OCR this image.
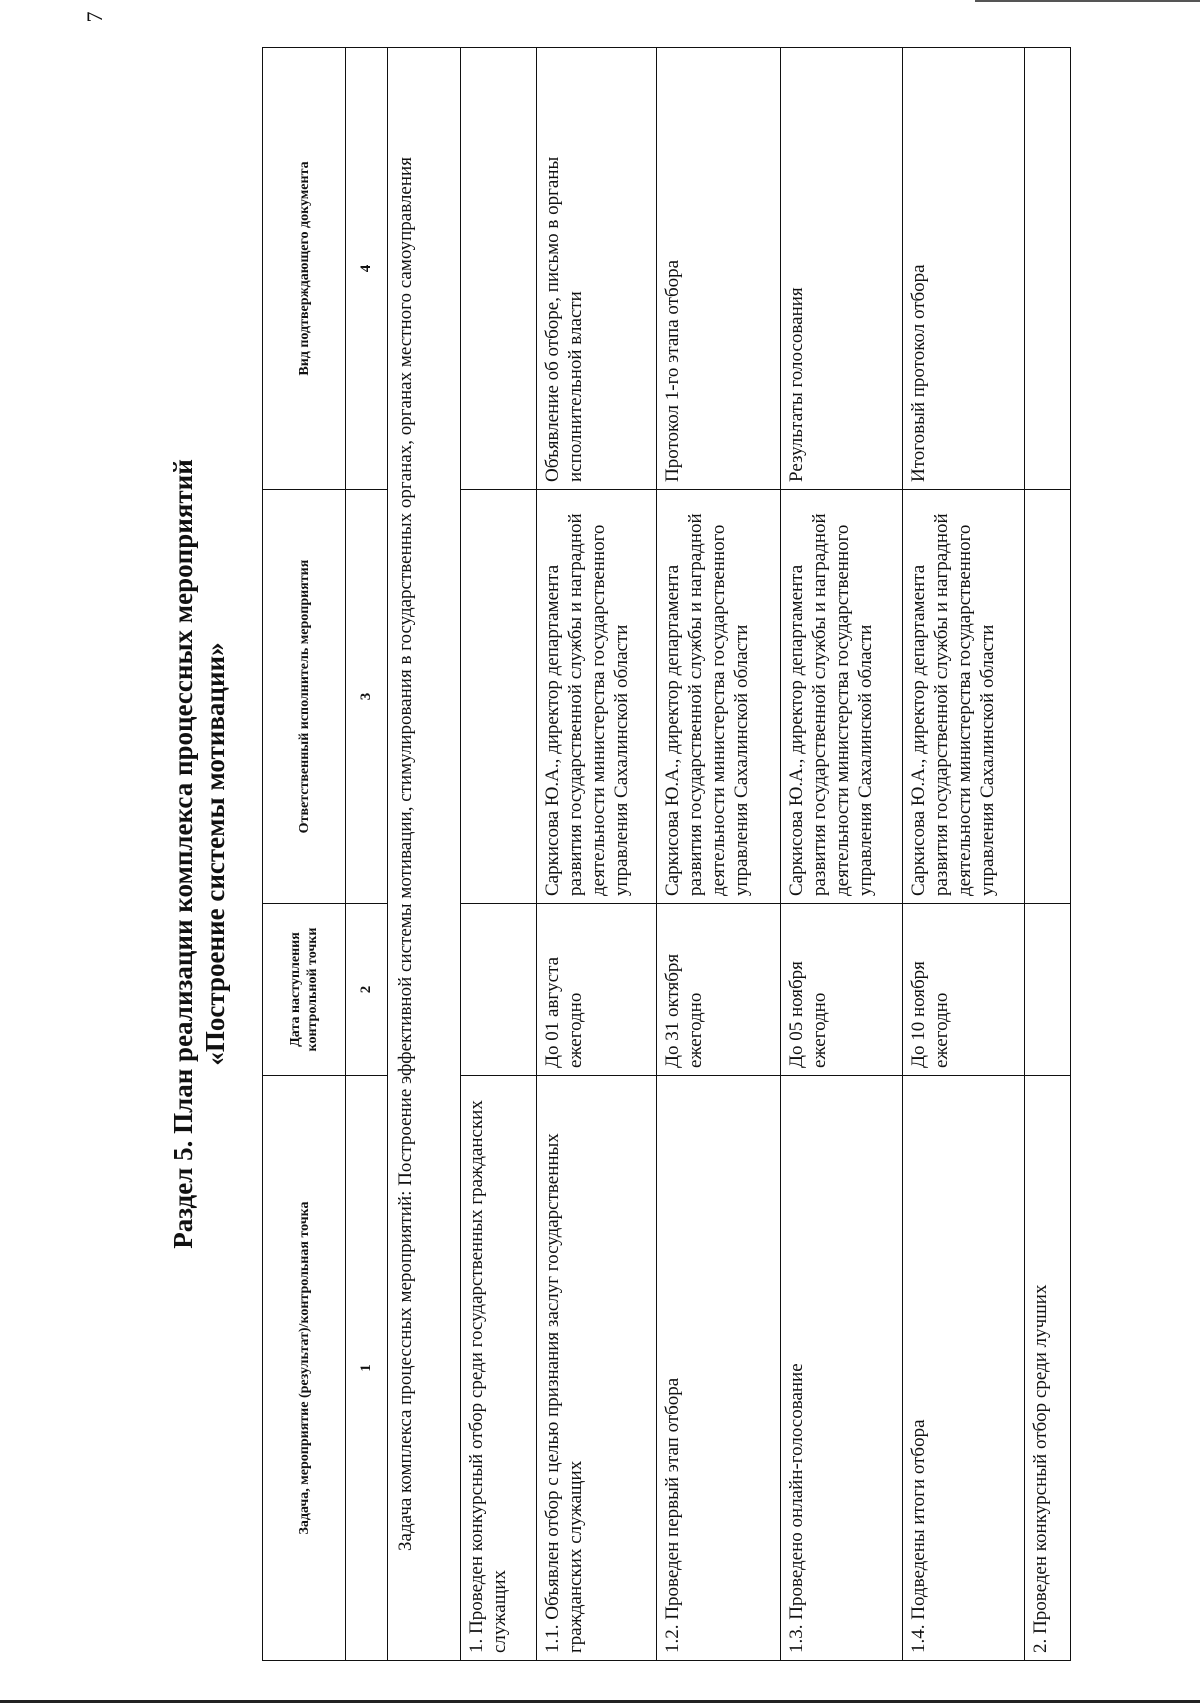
7
Раздел 5. План реализации комплекса процессных мероприятий «Построение системы мотивации»
Задача, мероприятие (результат)/контрольная точка	Дата наступления контрольной точки	Ответственный исполнитель мероприятия	Вид подтверждающего документа
1	2	3	4
Задача комплекса процессных мероприятий: Построение эффективной системы мотивации, стимулирования в государственных органах, органах местного самоуправления			
1. Проведен конкурсный отбор среди государственных гражданских служащих			
1.1. Объявлен отбор с целью признания заслуг государственных гражданских служащих	До 01 августа ежегодно	Саркисова Ю.А., директор департамента развития государственной службы и наградной деятельности министерства государственного управления Сахалинской области	Объявление об отборе, письмо в органы исполнительной власти
1.2. Проведен первый этап отбора	До 31 октября ежегодно	Саркисова Ю.А., директор департамента развития государственной службы и наградной деятельности министерства государственного управления Сахалинской области	Протокол 1-го этапа отбора
1.3. Проведено онлайн-голосование	До 05 ноября ежегодно	Саркисова Ю.А., директор департамента развития государственной службы и наградной деятельности министерства государственного управления Сахалинской области	Результаты голосования
1.4. Подведены итоги отбора	До 10 ноября ежегодно	Саркисова Ю.А., директор департамента развития государственной службы и наградной деятельности министерства государственного управления Сахалинской области	Итоговый протокол отбора
2. Проведен конкурсный отбор среди лучших			
